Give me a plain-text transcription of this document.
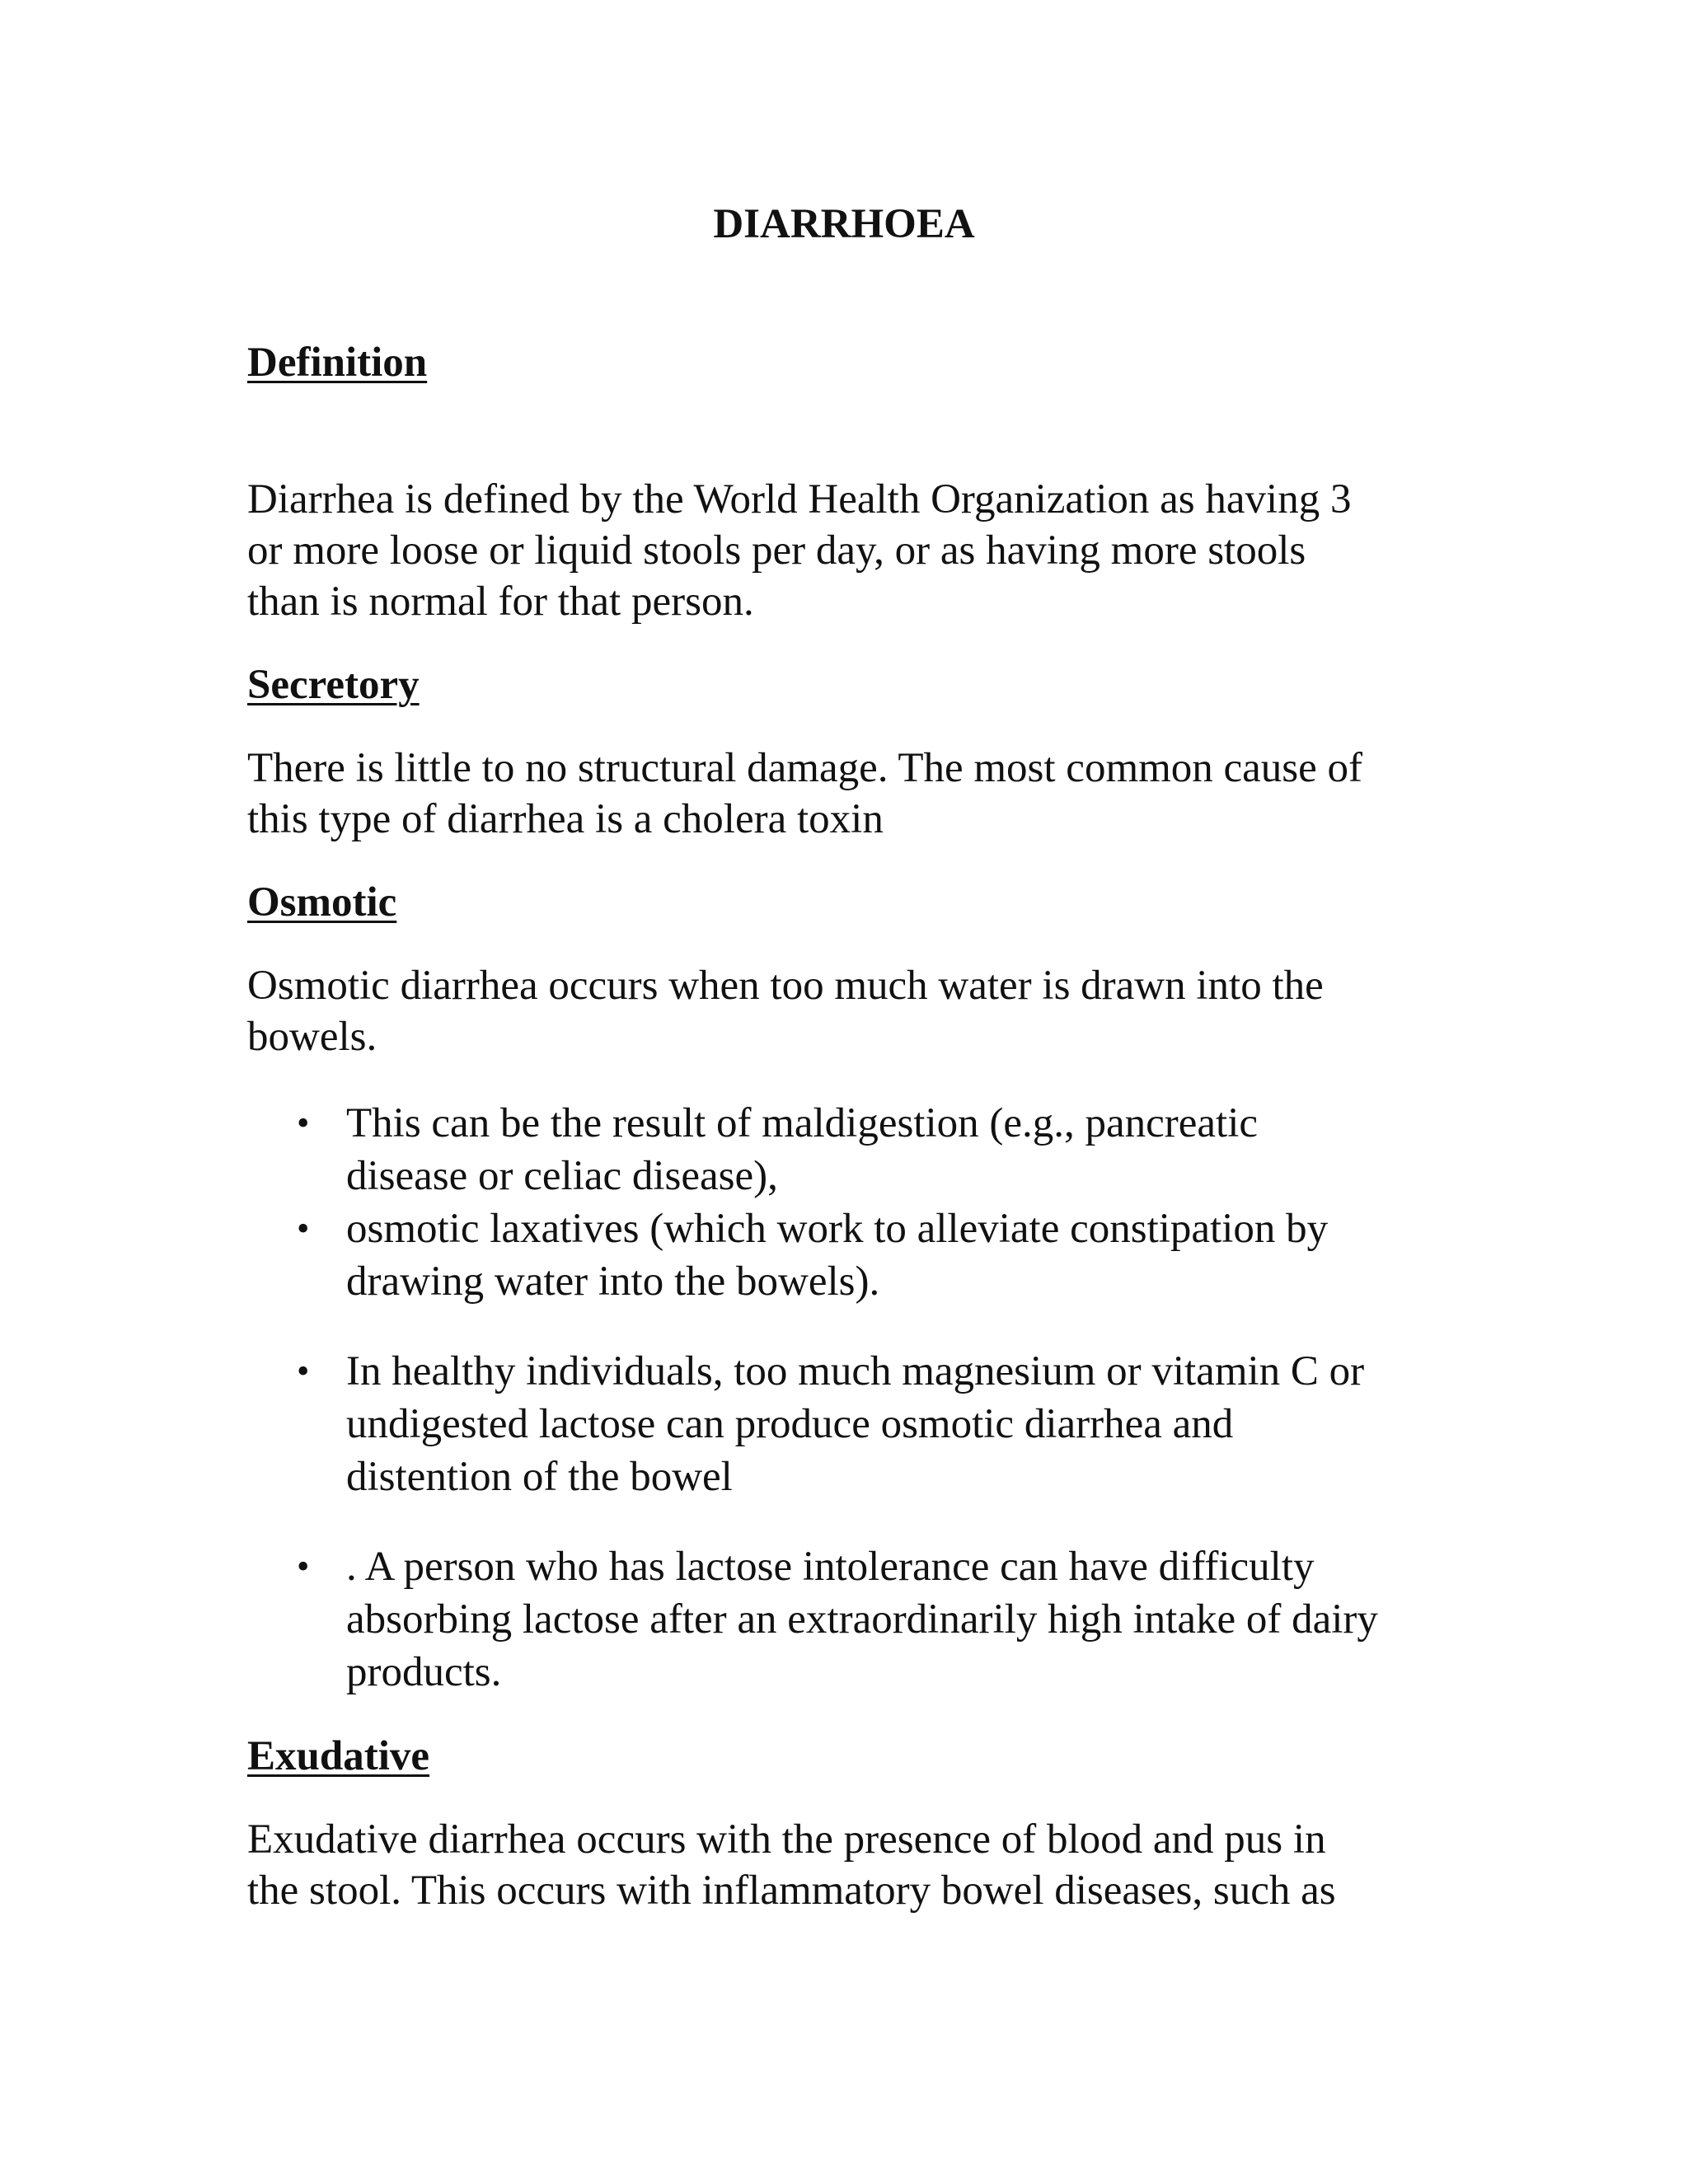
DIARRHOEA
Definition

Diarrhea is defined by the World Health Organization as having 3
or more loose or liquid stools per day, or as having more stools
than is normal for that person.

Secretory

There is little to no structural damage. The most common cause of
this type of diarrhea is a cholera toxin

Osmotic

Osmotic diarrhea occurs when too much water is drawn into the
bowels.

• This can be the result of maldigestion (e.g., pancreatic
disease or celiac disease),
• osmotic laxatives (which work to alleviate constipation by
drawing water into the bowels).
• In healthy individuals, too much magnesium or vitamin C or
undigested lactose can produce osmotic diarrhea and
distention of the bowel
• . A person who has lactose intolerance can have difficulty
absorbing lactose after an extraordinarily high intake of dairy
products.
Exudative

Exudative diarrhea occurs with the presence of blood and pus in
the stool. This occurs with inflammatory bowel diseases, such as
